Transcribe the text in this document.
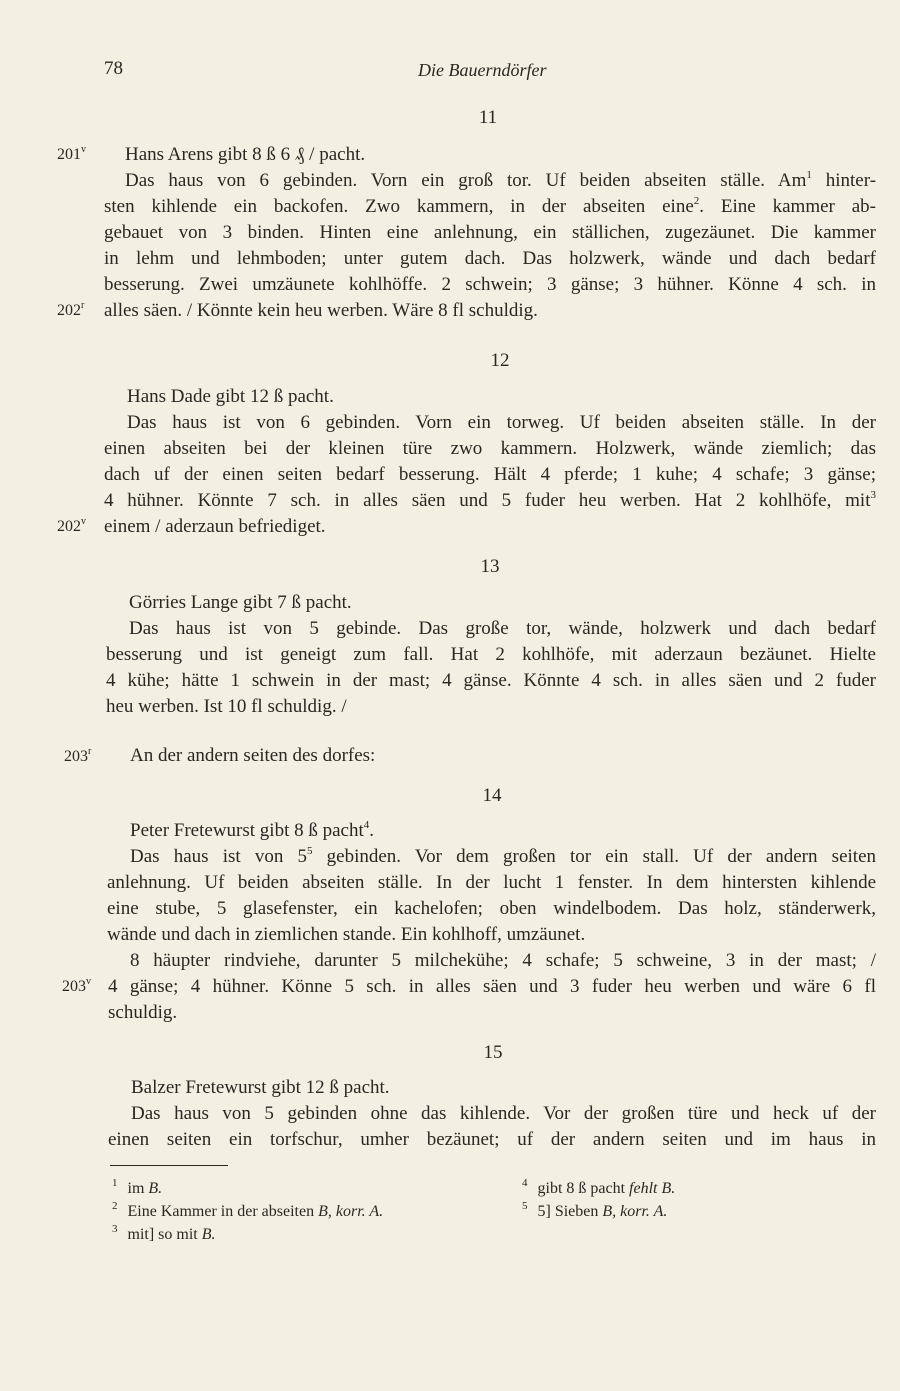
78	Die Bauerndörfer
11
201$^v$ Hans Arens gibt 8 ß 6 ₰ / pacht.
Das haus von 6 gebinden. Vorn ein groß tor. Uf beiden abseiten ställe. Am$^1$ hinter-
sten kihlende ein backofen. Zwo kammern, in der abseiten eine$^2$. Eine kammer ab-
gebauet von 3 binden. Hinten eine anlehnung, ein ställichen, zugezäunet. Die kammer
in lehm und lehmboden; unter gutem dach. Das holzwerk, wände und dach bedarf
besserung. Zwei umzäunete kohlhöffe. 2 schwein; 3 gänse; 3 hühner. Könne 4 sch. in
202$^r$ alles säen. / Könnte kein heu werben. Wäre 8 fl schuldig.
12
Hans Dade gibt 12 ß pacht.
Das haus ist von 6 gebinden. Vorn ein torweg. Uf beiden abseiten ställe. In der
einen abseiten bei der kleinen türe zwo kammern. Holzwerk, wände ziemlich; das
dach uf der einen seiten bedarf besserung. Hält 4 pferde; 1 kuhe; 4 schafe; 3 gänse;
4 hühner. Könnte 7 sch. in alles säen und 5 fuder heu werben. Hat 2 kohlhöfe, mit$^3$
202$^v$ einem / aderzaun befriediget.
13
Görries Lange gibt 7 ß pacht.
Das haus ist von 5 gebinde. Das große tor, wände, holzwerk und dach bedarf
besserung und ist geneigt zum fall. Hat 2 kohlhöfe, mit aderzaun bezäunet. Hielte
4 kühe; hätte 1 schwein in der mast; 4 gänse. Könnte 4 sch. in alles säen und 2 fuder
heu werben. Ist 10 fl schuldig. /
203$^r$ An der andern seiten des dorfes:
14
Peter Fretewurst gibt 8 ß pacht$^4$.
Das haus ist von $5^5$ gebinden. Vor dem großen tor ein stall. Uf der andern seiten
anlehnung. Uf beiden abseiten ställe. In der lucht 1 fenster. In dem hintersten kihlende
eine stube, 5 glasefenster, ein kachelofen; oben windelbodem. Das holz, ständerwerk,
wände und dach in ziemlichen stande. Ein kohlhoff, umzäunet.
8 häupter rindviehe, darunter 5 milchekühe; 4 schafe; 5 schweine, 3 in der mast; /
203$^v$ 4 gänse; 4 hühner. Könne 5 sch. in alles säen und 3 fuder heu werben und wäre 6 fl
schuldig.
15
Balzer Fretewurst gibt 12 ß pacht.
Das haus von 5 gebinden ohne das kihlende. Vor der großen türe und heck uf der
einen seiten ein torfschur, umher bezäunet; uf der andern seiten und im haus in
$^1$ im B.
$^2$ Eine Kammer in der abseiten B, korr. A.
$^3$ mit] so mit B.
$^4$ gibt 8 ß pacht fehlt B.
$^5$ 5] Sieben B, korr. A.
